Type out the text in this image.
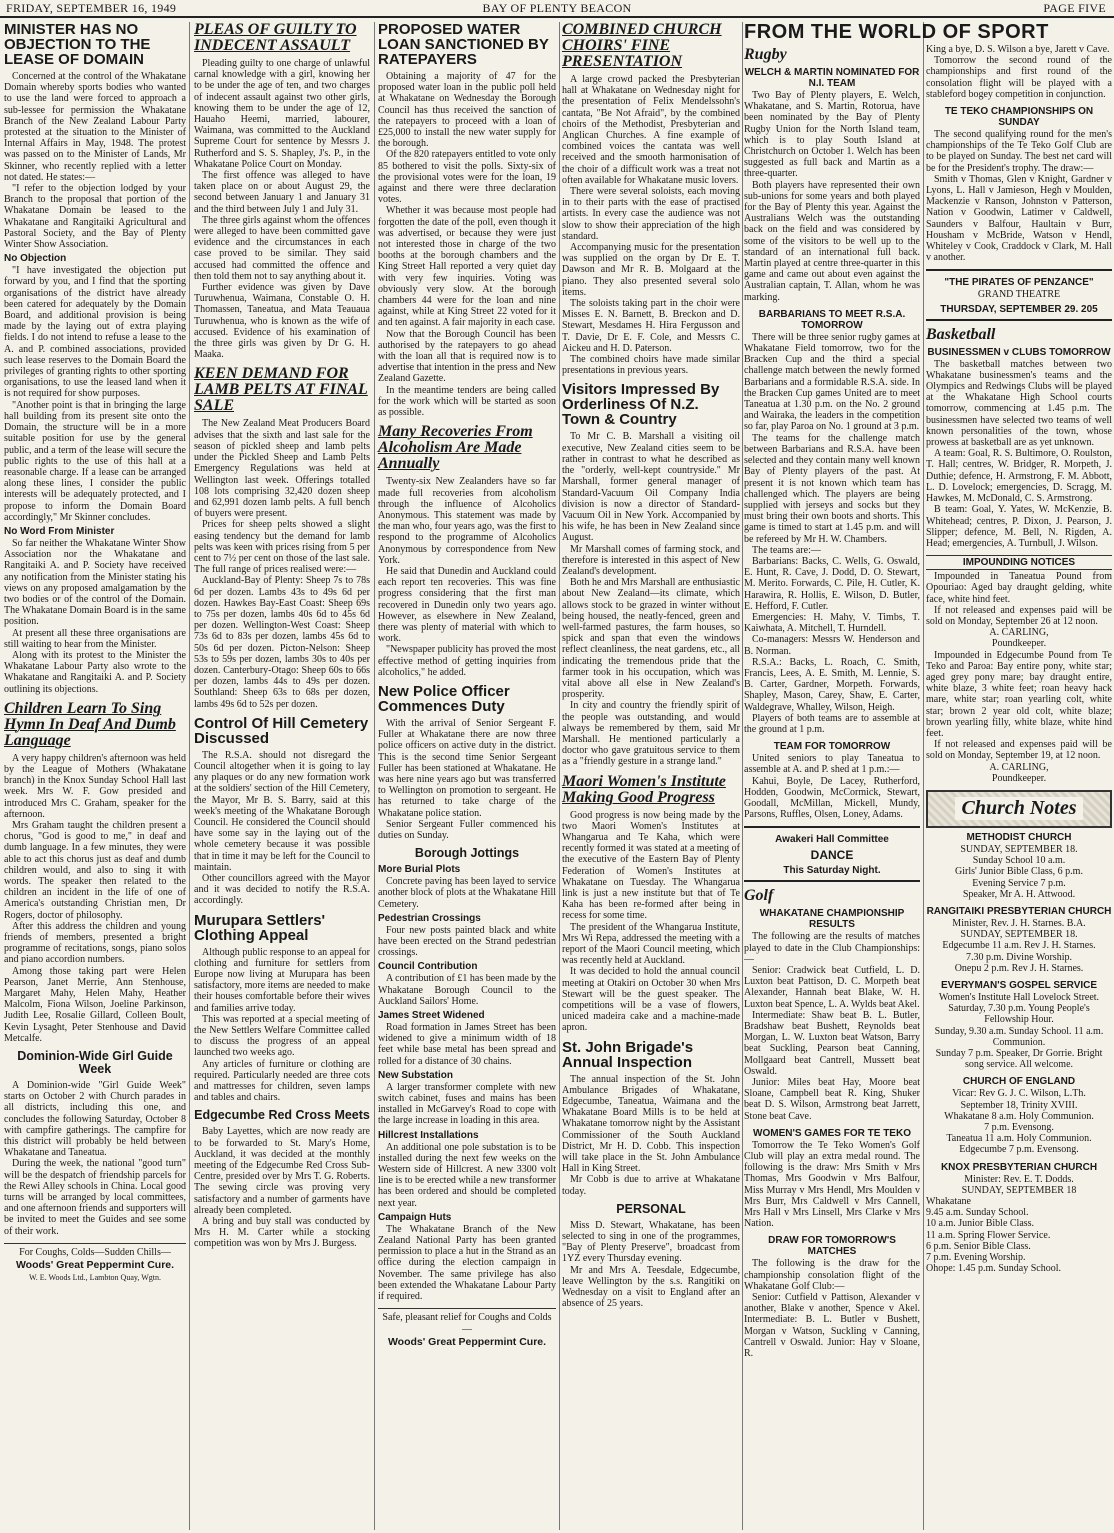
FRIDAY, SEPTEMBER 16, 1949	BAY OF PLENTY BEACON	PAGE FIVE
MINISTER HAS NO OBJECTION TO THE LEASE OF DOMAIN

Concerned at the control of the Whakatane Domain whereby sports bodies who wanted to use the land were forced to approach a sub-lessee for permission the Whakatane Branch of the New Zealand Labour Party protested at the situation to the Minister of Internal Affairs in May, 1948. The protest was passed on to the Minister of Lands, Mr Skinner, who recently replied with a letter not dated. He states:—

"I refer to the objection lodged by your Branch to the proposal that portion of the Whakatane Domain be leased to the Whakatane and Rangitaiki Agricultural and Pastoral Society, and the Bay of Plenty Winter Show Association.

No Objection

"I have investigated the objection put forward by you, and I find that the sporting organisations of the district have already been catered for adequately by the Domain Board, and additional provision is being made by the laying out of extra playing fields. I do not intend to refuse a lease to the A. and P. combined associations, provided such lease reserves to the Domain Board the privileges of granting rights to other sporting organisations, to use the leased land when it is not required for show purposes.

"Another point is that in bringing the large hall building from its present site onto the Domain, the structure will be in a more suitable position for use by the general public, and a term of the lease will secure the public rights to the use of this hall at a reasonable charge. If a lease can be arranged along these lines, I consider the public interests will be adequately protected, and I propose to inform the Domain Board accordingly," Mr Skinner concludes.

No Word From Minister

So far neither the Whakatane Winter Show Association nor the Whakatane and Rangitaiki A. and P. Society have received any notification from the Minister stating his views on any proposed amalgamation by the two bodies or of the control of the Domain. The Whakatane Domain Board is in the same position.

At present all these three organisations are still waiting to hear from the Minister.

Along with its protest to the Minister the Whakatane Labour Party also wrote to the Whakatane and Rangitaiki A. and P. Society outlining its objections.

Children Learn To Sing Hymn In Deaf And Dumb Language

A very happy children's afternoon was held by the League of Mothers (Whakatane branch) in the Knox Sunday School Hall last week. Mrs W. F. Gow presided and introduced Mrs C. Graham, speaker for the afternoon.

Mrs Graham taught the children present a chorus, "God is good to me," in deaf and dumb language. In a few minutes, they were able to act this chorus just as deaf and dumb children would, and also to sing it with words. The speaker then related to the children an incident in the life of one of America's outstanding Christian men, Dr Rogers, doctor of philosophy.

After this address the children and young friends of members, presented a bright programme of recitations, songs, piano solos and piano accordion numbers.

Among those taking part were Helen Pearson, Janet Merrie, Ann Stenhouse, Margaret Mahy, Helen Mahy, Heather Malcolm, Fiona Wilson, Joeline Parkinson, Judith Lee, Rosalie Gillard, Colleen Boult, Kevin Lysaght, Peter Stenhouse and David Metcalfe.

Dominion-Wide Girl Guide Week

A Dominion-wide "Girl Guide Week" starts on October 2 with Church parades in all districts, including this one, and concludes the following Saturday, October 8 with campfire gatherings. The campfire for this district will probably be held between Whakatane and Taneatua.

During the week, the national "good turn" will be the despatch of friendship parcels for the Rewi Alley schools in China. Local good turns will be arranged by local committees, and one afternoon friends and supporters will be invited to meet the Guides and see some of their work.

For Coughs, Colds—Sudden Chills—
Woods' Great Peppermint Cure.
W. E. Woods Ltd., Lambton Quay, Wgtn.
PLEAS OF GUILTY TO INDECENT ASSAULT

Pleading guilty to one charge of unlawful carnal knowledge with a girl, knowing her to be under the age of ten, and two charges of indecent assault against two other girls, knowing them to be under the age of 12, Hauaho Heemi, married, labourer, Waimana, was committed to the Auckland Supreme Court for sentence by Messrs J. Rutherford and S. S. Shapley, J's. P., in the Whakatane Police Court on Monday.

The first offence was alleged to have taken place on or about August 29, the second between January 1 and January 31 and the third between July 1 and July 31.

The three girls against whom the offences were alleged to have been committed gave evidence and the circumstances in each case proved to be similar. They said accused had committed the offence and then told them not to say anything about it.

Further evidence was given by Dave Turuwhenua, Waimana, Constable O. H. Thomassen, Taneatua, and Mata Teauaua Turuwhenua, who is known as the wife of accused. Evidence of his examination of the three girls was given by Dr G. H. Maaka.

KEEN DEMAND FOR LAMB PELTS AT FINAL SALE

The New Zealand Meat Producers Board advises that the sixth and last sale for the season of pickled sheep and lamb pelts under the Pickled Sheep and Lamb Pelts Emergency Regulations was held at Wellington last week. Offerings totalled 108 lots comprising 32,420 dozen sheep and 62,991 dozen lamb pelts. A full bench of buyers were present.

Prices for sheep pelts showed a slight easing tendency but the demand for lamb pelts was keen with prices rising from 5 per cent to 7½ per cent on those of the last sale. The full range of prices realised were:—

Auckland-Bay of Plenty: Sheep 7s to 78s 6d per dozen. Lambs 43s to 49s 6d per dozen. Hawkes Bay-East Coast: Sheep 69s to 75s per dozen, lambs 40s 6d to 45s 6d per dozen. Wellington-West Coast: Sheep 73s 6d to 83s per dozen, lambs 45s 6d to 50s 6d per dozen. Picton-Nelson: Sheep 53s to 59s per dozen, lambs 30s to 40s per dozen. Canterbury-Otago: Sheep 60s to 66s per dozen, lambs 44s to 49s per dozen. Southland: Sheep 63s to 68s per dozen, lambs 49s 6d to 52s per dozen.

Control Of Hill Cemetery Discussed

The R.S.A. should not disregard the Council altogether when it is going to lay any plaques or do any new formation work at the soldiers' section of the Hill Cemetery, the Mayor, Mr B. S. Barry, said at this week's meeting of the Whakatane Borough Council. He considered the Council should have some say in the laying out of the whole cemetery because it was possible that in time it may be left for the Council to maintain.

Other councillors agreed with the Mayor and it was decided to notify the R.S.A. accordingly.

Murupara Settlers' Clothing Appeal

Although public response to an appeal for clothing and furniture for settlers from Europe now living at Murupara has been satisfactory, more items are needed to make their houses comfortable before their wives and families arrive today.

This was reported at a special meeting of the New Settlers Welfare Committee called to discuss the progress of an appeal launched two weeks ago.

Any articles of furniture or clothing are required. Particularly needed are three cots and mattresses for children, seven lamps and tables and chairs.

Edgecumbe Red Cross Meets

Baby Layettes, which are now ready are to be forwarded to St. Mary's Home, Auckland, it was decided at the monthly meeting of the Edgecumbe Red Cross Sub-Centre, presided over by Mrs T. G. Roberts. The sewing circle was proving very satisfactory and a number of garments have already been completed.

A bring and buy stall was conducted by Mrs H. M. Carter while a stocking competition was won by Mrs J. Burgess.

PROPOSED WATER LOAN SANCTIONED BY RATEPAYERS

Obtaining a majority of 47 for the proposed water loan in the public poll held at Whakatane on Wednesday the Borough Council has thus received the sanction of the ratepayers to proceed with a loan of £25,000 to install the new water supply for the borough.

Of the 820 ratepayers entitled to vote only 85 bothered to visit the polls. Sixty-six of the provisional votes were for the loan, 19 against and there were three declaration votes.

Whether it was because most people had forgotten the date of the poll, even though it was advertised, or because they were just not interested those in charge of the two booths at the borough chambers and the King Street Hall reported a very quiet day with very few inquiries. Voting was obviously very slow. At the borough chambers 44 were for the loan and nine against, while at King Street 22 voted for it and ten against. A fair majority in each case.

Now that the Borough Council has been authorised by the ratepayers to go ahead with the loan all that is required now is to advertise that intention in the press and New Zealand Gazette.

In the meantime tenders are being called for the work which will be started as soon as possible.

Many Recoveries From Alcoholism Are Made Annually

Twenty-six New Zealanders have so far made full recoveries from alcoholism through the influence of Alcoholics Anonymous. This statement was made by the man who, four years ago, was the first to respond to the programme of Alcoholics Anonymous by correspondence from New York.

He said that Dunedin and Auckland could each report ten recoveries. This was fine progress considering that the first man recovered in Dunedin only two years ago. However, as elsewhere in New Zealand, there was plenty of material with which to work.

"Newspaper publicity has proved the most effective method of getting inquiries from alcoholics," he added.

New Police Officer Commences Duty

With the arrival of Senior Sergeant F. Fuller at Whakatane there are now three police officers on active duty in the district. This is the second time Senior Sergeant Fuller has been stationed at Whakatane. He was here nine years ago but was transferred to Wellington on promotion to sergeant. He has returned to take charge of the Whakatane police station.

Senior Sergeant Fuller commenced his duties on Sunday.

Borough Jottings
More Burial Plots

Concrete paving has been layed to service another block of plots at the Whakatane Hill Cemetery.

Pedestrian Crossings

Four new posts painted black and white have been erected on the Strand pedestrian crossings.

Council Contribution

A contribution of £1 has been made by the Whakatane Borough Council to the Auckland Sailors' Home.

James Street Widened

Road formation in James Street has been widened to give a minimum width of 18 feet while base metal has been spread and rolled for a distance of 30 chains.

New Substation

A larger transformer complete with new switch cabinet, fuses and mains has been installed in McGarvey's Road to cope with the large increase in loading in this area.

Hillcrest Installations

An additional one pole substation is to be installed during the next few weeks on the Western side of Hillcrest. A new 3300 volt line is to be erected while a new transformer has been ordered and should be completed next year.

Campaign Huts

The Whakatane Branch of the New Zealand National Party has been granted permission to place a hut in the Strand as an office during the election campaign in November. The same privilege has also been extended the Whakatane Labour Party if required.

Safe, pleasant relief for Coughs and Colds—
Woods' Great Peppermint Cure.
COMBINED CHURCH CHOIRS' FINE PRESENTATION

A large crowd packed the Presbyterian hall at Whakatane on Wednesday night for the presentation of Felix Mendelssohn's cantata, "Be Not Afraid", by the combined choirs of the Methodist, Presbyterian and Anglican Churches. A fine example of combined voices the cantata was well received and the smooth harmonisation of the choir of a difficult work was a treat not often available for Whakatane music lovers.

There were several soloists, each moving in to their parts with the ease of practised artists. In every case the audience was not slow to show their appreciation of the high standard.

Accompanying music for the presentation was supplied on the organ by Dr E. T. Dawson and Mr R. B. Molgaard at the piano. They also presented several solo items.

The soloists taking part in the choir were Misses E. N. Barnett, B. Breckon and D. Stewart, Mesdames H. Hira Fergusson and T. Davie, Dr E. F. Cole, and Messrs C. Aickeu and H. D. Paterson.

The combined choirs have made similar presentations in previous years.

Visitors Impressed By Orderliness Of N.Z. Town & Country

To Mr C. B. Marshall a visiting oil executive, New Zealand cities seem to be rather in contrast to what he described as the "orderly, well-kept countryside." Mr Marshall, former general manager of Standard-Vacuum Oil Company India division is now a director of Standard-Vacuum Oil in New York. Accompanied by his wife, he has been in New Zealand since August.

Mr Marshall comes of farming stock, and therefore is interested in this aspect of New Zealand's development.

Both he and Mrs Marshall are enthusiastic about New Zealand—its climate, which allows stock to be grazed in winter without being housed, the neatly-fenced, green and well-farmed pastures, the farm houses, so spick and span that even the windows reflect cleanliness, the neat gardens, etc., all indicating the tremendous pride that the farmer took in his occupation, which was vital above all else in New Zealand's prosperity.

In city and country the friendly spirit of the people was outstanding, and would always be remembered by them, said Mr Marshall. He mentioned particularly a doctor who gave gratuitous service to them as a "friendly gesture in a strange land."

Maori Women's Institute Making Good Progress

Good progress is now being made by the two Maori Women's Institutes at Whangarua and Te Kaha, which were recently formed it was stated at a meeting of the executive of the Eastern Bay of Plenty Federation of Women's Institutes at Whakatane on Tuesday. The Whangarua link is just a new institute but that of Te Kaha has been re-formed after being in recess for some time.

The president of the Whangarua Institute, Mrs Wi Repa, addressed the meeting with a report of the Maori Council meeting, which was recently held at Auckland.

It was decided to hold the annual council meeting at Otakiri on October 30 when Mrs Stewart will be the guest speaker. The competitions will be a vase of flowers, uniced madeira cake and a machine-made apron.

St. John Brigade's Annual Inspection

The annual inspection of the St. John Ambulance Brigades of Whakatane, Edgecumbe, Taneatua, Waimana and the Whakatane Board Mills is to be held at Whakatane tomorrow night by the Assistant Commissioner of the South Auckland District, Mr H. D. Cobb. This inspection will take place in the St. John Ambulance Hall in King Street.

Mr Cobb is due to arrive at Whakatane today.

PERSONAL

Miss D. Stewart, Whakatane, has been selected to sing in one of the programmes, "Bay of Plenty Preserve", broadcast from 1YZ every Thursday evening.

Mr and Mrs A. Teesdale, Edgecumbe, leave Wellington by the s.s. Rangitiki on Wednesday on a visit to England after an absence of 25 years.

FROM THE WORLD OF SPORT
Rugby
WELCH & MARTIN NOMINATED FOR N.I. TEAM

Two Bay of Plenty players, E. Welch, Whakatane, and S. Martin, Rotorua, have been nominated by the Bay of Plenty Rugby Union for the North Island team, which is to play South Island at Christchurch on October 1. Welch has been suggested as full back and Martin as a three-quarter.

Both players have represented their own sub-unions for some years and both played for the Bay of Plenty this year. Against the Australians Welch was the outstanding back on the field and was considered by some of the visitors to be well up to the standard of an international full back. Martin played at centre three-quarter in this game and came out about even against the Australian captain, T. Allan, whom he was marking.

BARBARIANS TO MEET R.S.A. TOMORROW

There will be three senior rugby games at Whakatane Field tomorrow, two for the Bracken Cup and the third a special challenge match between the newly formed Barbarians and a formidable R.S.A. side. In the Bracken Cup games United are to meet Taneatua at 1.30 p.m. on the No. 2 ground and Wairaka, the leaders in the competition so far, play Paroa on No. 1 ground at 3 p.m.

The teams for the challenge match between Barbarians and R.S.A. have been selected and they contain many well known Bay of Plenty players of the past. At present it is not known which team has challenged which. The players are being supplied with jerseys and socks but they must bring their own boots and shorts. This game is timed to start at 1.45 p.m. and will be refereed by Mr H. W. Chambers.

The teams are:—

Barbarians: Backs, C. Wells, G. Oswald, E. Hunt, R. Cave, J. Dodd, D. O. Stewart, M. Merito. Forwards, C. Pile, H. Cutler, K. Harawira, R. Hollis, E. Wilson, D. Butler, E. Hefford, F. Cutler.

Emergencies: H. Mahy, V. Timbs, T. Kaiwhata, A. Mitchell, T. Hurndell.

Co-managers: Messrs W. Henderson and B. Norman.

R.S.A.: Backs, L. Roach, C. Smith, Francis, Lees, A. E. Smith, M. Lennie, S. B. Carter, Gardner, Morpeth. Forwards, Shapley, Mason, Carey, Shaw, E. Carter, Waldegrave, Whalley, Wilson, Heigh.

Players of both teams are to assemble at the ground at 1 p.m.

TEAM FOR TOMORROW

United seniors to play Taneatua to assemble at A. and P. shed at 1 p.m.:—

Kahui, Boyle, De Lacey, Rutherford, Hodden, Goodwin, McCormick, Stewart, Goodall, McMillan, Mickell, Mundy, Parsons, Ruffles, Olsen, Loney, Adams.

Awakeri Hall Committee
DANCE
This Saturday Night.
Golf
WHAKATANE CHAMPIONSHIP RESULTS

The following are the results of matches played to date in the Club Championships:—

Senior: Cradwick beat Cutfield, L. D. Luxton beat Pattison, D. C. Morpeth beat Alexander, Hannah beat Blake, W. H. Luxton beat Spence, L. A. Wylds beat Akel.

Intermediate: Shaw beat B. L. Butler, Bradshaw beat Bushett, Reynolds beat Morgan, L. W. Luxton beat Watson, Barry beat Suckling, Pearson beat Canning, Mollgaard beat Cantrell, Mussett beat Oswald.

Junior: Miles beat Hay, Moore beat Sloane, Campbell beat R. King, Shuker beat D. S. Wilson, Armstrong beat Jarrett, Stone beat Cave.

WOMEN'S GAMES FOR TE TEKO

Tomorrow the Te Teko Women's Golf Club will play an extra medal round. The following is the draw: Mrs Smith v Mrs Thomas, Mrs Goodwin v Mrs Balfour, Miss Murray v Mrs Hendl, Mrs Moulden v Mrs Burr, Mrs Caldwell v Mrs Cannell, Mrs Hall v Mrs Linsell, Mrs Clarke v Mrs Nation.

DRAW FOR TOMORROW'S MATCHES

The following is the draw for the championship consolation flight of the Whakatane Golf Club:—

Senior: Cutfield v Pattison, Alexander v another, Blake v another, Spence v Akel. Intermediate: B. L. Butler v Bushett, Morgan v Watson, Suckling v Canning, Cantrell v Oswald. Junior: Hay v Sloane, R.

King a bye, D. S. Wilson a bye, Jarett v Cave.

Tomorrow the second round of the championships and first round of the consolation flight will be played with a stableford bogey competition in conjunction.

TE TEKO CHAMPIONSHIPS ON SUNDAY

The second qualifying round for the men's championships of the Te Teko Golf Club are to be played on Sunday. The best net card will be for the President's trophy. The draw:—

Smith v Thomas, Glen v Knight, Gardner v Lyons, L. Hall v Jamieson, Hegh v Moulden, Mackenzie v Ranson, Johnston v Patterson, Nation v Goodwin, Latimer v Caldwell, Saunders v Balfour, Haultain v Burr, Housham v McBride, Watson v Hendl, Whiteley v Cook, Craddock v Clark, M. Hall v another.

"THE PIRATES OF PENZANCE"

GRAND THEATRE

THURSDAY, SEPTEMBER 29. 205
Basketball
BUSINESSMEN v CLUBS TOMORROW

The basketball matches between two Whakatane businessmen's teams and the Olympics and Redwings Clubs will be played at the Whakatane High School courts tomorrow, commencing at 1.45 p.m. The businessmen have selected two teams of well known personalities of the town, whose prowess at basketball are as yet unknown.

A team: Goal, R. S. Bultimore, O. Roulston, T. Hall; centres, W. Bridger, R. Morpeth, J. Duthie; defence, H. Armstrong, F. M. Abbott, L. D. Lovelock; emergencies, D. Scragg, M. Hawkes, M. McDonald, C. S. Armstrong.

B team: Goal, Y. Yates, W. McKenzie, B. Whitehead; centres, P. Dixon, J. Pearson, J. Slipper; defence, M. Bell, N. Rigden, A. Head; emergencies, A. Turnbull, J. Wilson.

IMPOUNDING NOTICES

Impounded in Taneatua Pound from Opouriao: Aged bay draught gelding, white face, white hind feet.

If not released and expenses paid will be sold on Monday, September 26 at 12 noon.

A. CARLING,

Poundkeeper.

Impounded in Edgecumbe Pound from Te Teko and Paroa: Bay entire pony, white star; aged grey pony mare; bay draught entire, white blaze, 3 white feet; roan heavy hack mare, white star; roan yearling colt, white star; brown 2 year old colt, white blaze; brown yearling filly, white blaze, white hind feet.

If not released and expenses paid will be sold on Monday, September 19, at 12 noon.

A. CARLING,

Poundkeeper.

Church Notes
METHODIST CHURCH

SUNDAY, SEPTEMBER 18.

Sunday School 10 a.m.

Girls' Junior Bible Class, 6 p.m.

Evening Service 7 p.m.

Speaker, Mr A. H. Attwood.

RANGITAIKI PRESBYTERIAN CHURCH

Minister, Rev. J. H. Starnes. B.A.

SUNDAY, SEPTEMBER 18.

Edgecumbe 11 a.m. Rev J. H. Starnes.

7.30 p.m. Divine Worship.

Onepu 2 p.m. Rev J. H. Starnes.

EVERYMAN'S GOSPEL SERVICE

Women's Institute Hall Lovelock Street.

Saturday, 7.30 p.m. Young People's Fellowship Hour.

Sunday, 9.30 a.m. Sunday School. 11 a.m. Communion.

Sunday 7 p.m. Speaker, Dr Gorrie. Bright song service. All welcome.

CHURCH OF ENGLAND

Vicar: Rev G. J. C. Wilson, L.Th.

September 18, Trinity XVIII.

Whakatane 8 a.m. Holy Communion.

7 p.m. Evensong.

Taneatua 11 a.m. Holy Communion.

Edgecumbe 7 p.m. Evensong.

KNOX PRESBYTERIAN CHURCH

Minister: Rev. E. T. Dodds.

SUNDAY, SEPTEMBER 18

Whakatane

9.45 a.m. Sunday School.

10 a.m. Junior Bible Class.

11 a.m. Spring Flower Service.

6 p.m. Senior Bible Class.

7 p.m. Evening Worship.

Ohope: 1.45 p.m. Sunday School.
